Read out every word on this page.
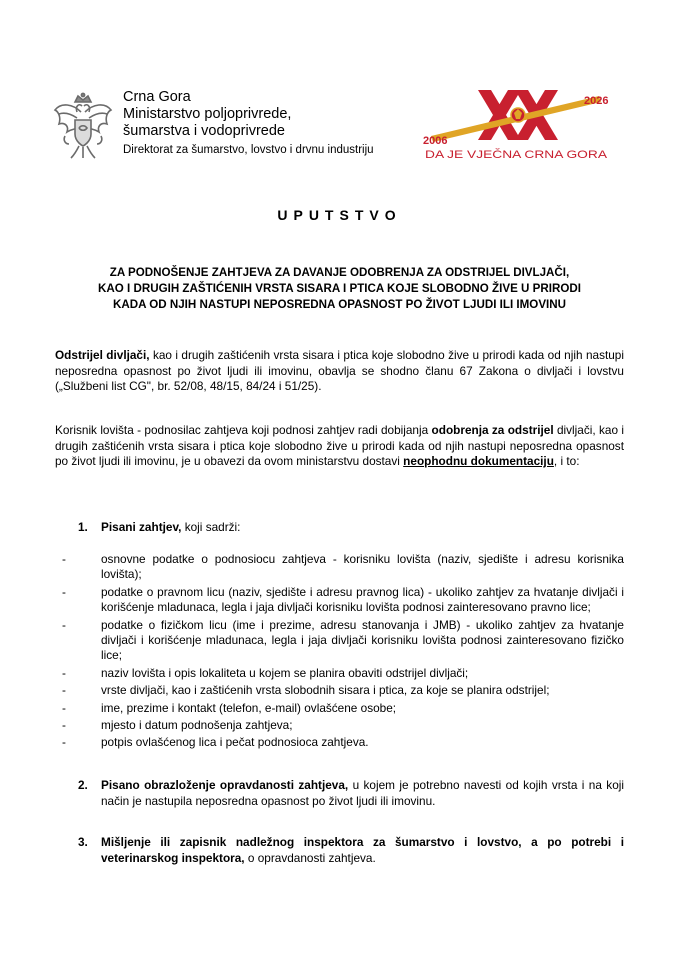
Crna Gora
Ministarstvo poljoprivrede,
šumarstva i vodoprivrede
Direktorat za šumarstvo, lovstvo i drvnu industriju
2026
2006
DA JE VJEČNA CRNA GORA
UPUTSTVO
ZA PODNOŠENJE ZAHTJEVA ZA DAVANJE ODOBRENJA ZA ODSTRIJEL DIVLJAČI,
KAO I DRUGIH ZAŠTIĆENIH VRSTA SISARA I PTICA KOJE SLOBODNO ŽIVE U PRIRODI
KADA OD NJIH NASTUPI NEPOSREDNA OPASNOST PO ŽIVOT LJUDI ILI IMOVINU
Odstrijel divljači, kao i drugih zaštićenih vrsta sisara i ptica koje slobodno žive u prirodi kada od njih nastupi neposredna opasnost po život ljudi ili imovinu, obavlja se shodno članu 67 Zakona o divljači i lovstvu („Službeni list CG", br. 52/08, 48/15, 84/24 i 51/25).
Korisnik lovišta - podnosilac zahtjeva koji podnosi zahtjev radi dobijanja odobrenja za odstrijel divljači, kao i drugih zaštićenih vrsta sisara i ptica koje slobodno žive u prirodi kada od njih nastupi neposredna opasnost po život ljudi ili imovinu, je u obavezi da ovom ministarstvu dostavi neophodnu dokumentaciju, i to:
1. Pisani zahtjev, koji sadrži:
-	osnovne podatke o podnosiocu zahtjeva - korisniku lovišta (naziv, sjedište i adresu korisnika lovišta);
-	podatke o pravnom licu (naziv, sjedište i adresu pravnog lica) - ukoliko zahtjev za hvatanje divljači i korišćenje mladunaca, legla i jaja divljači korisniku lovišta podnosi zainteresovano pravno lice;
-	podatke o fizičkom licu (ime i prezime, adresu stanovanja i JMB) - ukoliko zahtjev za hvatanje divljači i korišćenje mladunaca, legla i jaja divljači korisniku lovišta podnosi zainteresovano fizičko lice;
-	naziv lovišta i opis lokaliteta u kojem se planira obaviti odstrijel divljači;
-	vrste divljači, kao i zaštićenih vrsta slobodnih sisara i ptica, za koje se planira odstrijel;
-	ime, prezime i kontakt (telefon, e-mail) ovlašćene osobe;
-	mjesto i datum podnošenja zahtjeva;
-	potpis ovlašćenog lica i pečat podnosioca zahtjeva.
2. Pisano obrazloženje opravdanosti zahtjeva, u kojem je potrebno navesti od kojih vrsta i na koji način je nastupila neposredna opasnost po život ljudi ili imovinu.
3. Mišljenje ili zapisnik nadležnog inspektora za šumarstvo i lovstvo, a po potrebi i veterinarskog inspektora, o opravdanosti zahtjeva.
